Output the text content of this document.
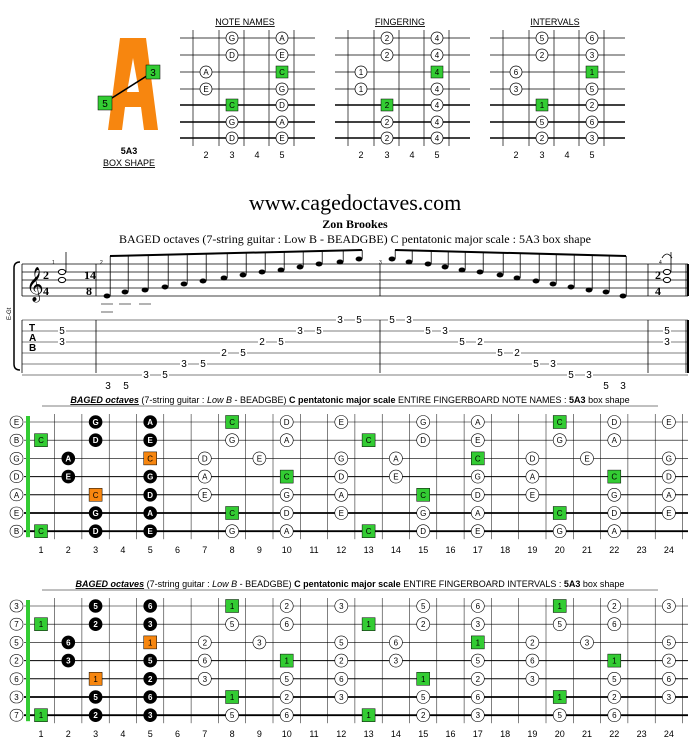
3
5
5A3
BOX SHAPE
NOTE NAMES
G	A
D	E
A	C
E	G
C	D
G	A
D	E
2 3 4 5
FINGERING
2	4
2	4
1	4
1	4
2	4
2	4
2	4
2 3 4 5
INTERVALS
5	6
2	3
6	1
3	5
1	2
5	6
2	3
2 3 4 5
www.cagedoctaves.com
Zon Brookes
BAGED octaves (7-string guitar : Low B - BEADGBE) C pentatonic major scale : 5A3 box shape
E-Gt
𝄞 2
4
14
8
2
4
1	2	3	4
T
A
B
5
3
3 5
3 5
3 5
2 5
2 5
3 5
3 5	5 3
5 3
5 2
5 2
5 3
5 3
5 3
5
3
BAGED octaves (7-string guitar : Low B - BEADGBE) C pentatonic major scale ENTIRE FINGERBOARD NOTE NAMES : 5A3 box shape
E
B
G
D
A
E
B
1 2 3 4 5 6 7 8 9 10 11 12 13 14 15 16 17 18 19 20 21 22 23 24
G	A	C	D	E	G	A	C	D	E
C	D	E	G	A	C	D	E	G	A
A	C	D	E	G	A	C	D	E	G
E	G	A	C	D	E	G	A	C	D
C	D	E	G	A	C	D	E	G	A
G	A	C	D	E	G	A	C	D	E
C	D	E	G	A	C	D	E	G	A
BAGED octaves (7-string guitar : Low B - BEADGBE) C pentatonic major scale ENTIRE FINGERBOARD INTERVALS : 5A3 box shape
3
7
5
2
6
3
7
1 2 3 4 5 6 7 8 9 10 11 12 13 14 15 16 17 18 19 20 21 22 23 24
5	6	1	2	3	5	6	1	2	3
1	2	3	5	6	1	2	3	5	6
6	1	2	3	5	6	1	2	3	5
3	5	6	1	2	3	5	6	1	2
1	2	3	5	6	1	2	3	5	6
5	6	1	2	3	5	6	1	2	3
1	2	3	5	6	1	2	3	5	6
